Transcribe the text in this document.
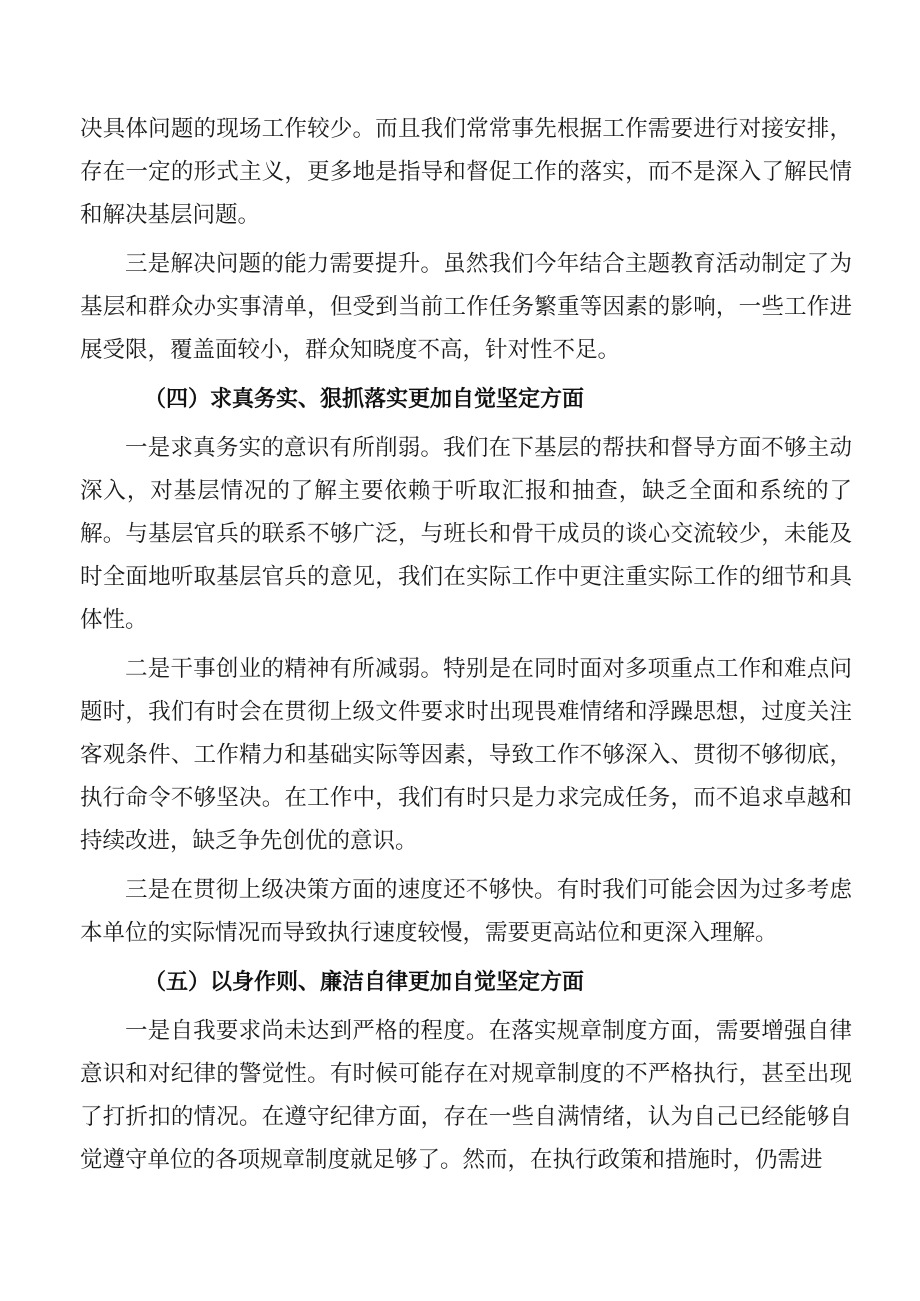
决具体问题的现场工作较少。而且我们常常事先根据工作需要进行对接安排，存在一定的形式主义，更多地是指导和督促工作的落实，而不是深入了解民情和解决基层问题。

三是解决问题的能力需要提升。虽然我们今年结合主题教育活动制定了为基层和群众办实事清单，但受到当前工作任务繁重等因素的影响，一些工作进展受限，覆盖面较小，群众知晓度不高，针对性不足。

（四）求真务实、狠抓落实更加自觉坚定方面

一是求真务实的意识有所削弱。我们在下基层的帮扶和督导方面不够主动深入，对基层情况的了解主要依赖于听取汇报和抽查，缺乏全面和系统的了解。与基层官兵的联系不够广泛，与班长和骨干成员的谈心交流较少，未能及时全面地听取基层官兵的意见，我们在实际工作中更注重实际工作的细节和具体性。

二是干事创业的精神有所减弱。特别是在同时面对多项重点工作和难点问题时，我们有时会在贯彻上级文件要求时出现畏难情绪和浮躁思想，过度关注客观条件、工作精力和基础实际等因素，导致工作不够深入、贯彻不够彻底，执行命令不够坚决。在工作中，我们有时只是力求完成任务，而不追求卓越和持续改进，缺乏争先创优的意识。

三是在贯彻上级决策方面的速度还不够快。有时我们可能会因为过多考虑本单位的实际情况而导致执行速度较慢，需要更高站位和更深入理解。

（五）以身作则、廉洁自律更加自觉坚定方面

一是自我要求尚未达到严格的程度。在落实规章制度方面，需要增强自律意识和对纪律的警觉性。有时候可能存在对规章制度的不严格执行，甚至出现了打折扣的情况。在遵守纪律方面，存在一些自满情绪，认为自己已经能够自觉遵守单位的各项规章制度就足够了。然而，在执行政策和措施时，仍需进
